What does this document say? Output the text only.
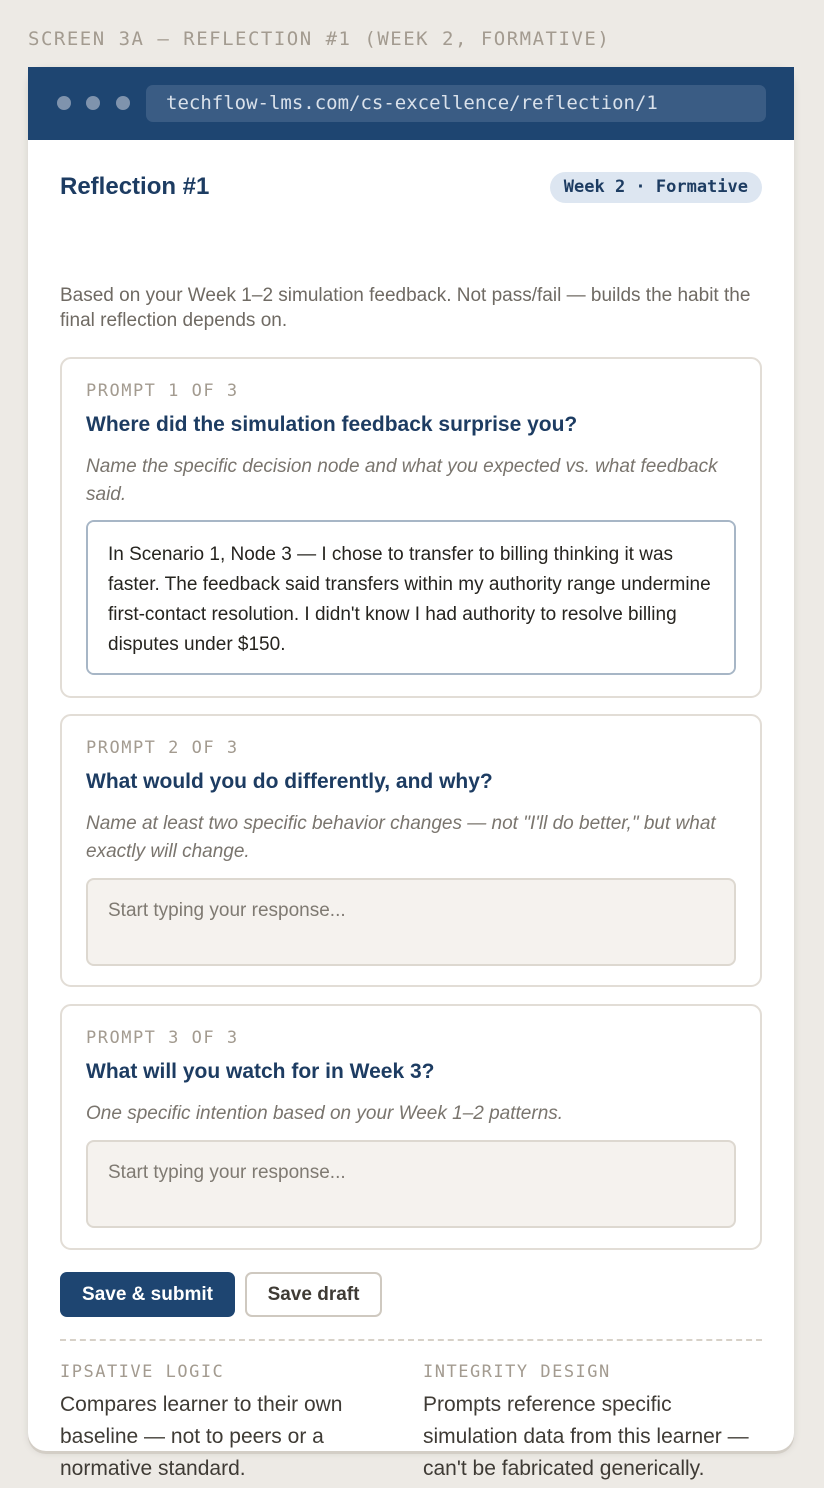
SCREEN 3A — REFLECTION #1 (WEEK 2, FORMATIVE)
techflow-lms.com/cs-excellence/reflection/1
Reflection #1	Week 2 · Formative
Based on your Week 1–2 simulation feedback. Not pass/fail — builds the habit the final reflection depends on.
PROMPT 1 OF 3
Where did the simulation feedback surprise you?
Name the specific decision node and what you expected vs. what feedback said.
In Scenario 1, Node 3 — I chose to transfer to billing thinking it was faster. The feedback said transfers within my authority range undermine first-contact resolution. I didn't know I had authority to resolve billing disputes under $150.
PROMPT 2 OF 3
What would you do differently, and why?
Name at least two specific behavior changes — not "I'll do better," but what exactly will change.
Start typing your response...
PROMPT 3 OF 3
What will you watch for in Week 3?
One specific intention based on your Week 1–2 patterns.
Start typing your response...
Save & submit	Save draft
IPSATIVE LOGIC
Compares learner to their own baseline — not to peers or a normative standard.
INTEGRITY DESIGN
Prompts reference specific simulation data from this learner — can't be fabricated generically.
